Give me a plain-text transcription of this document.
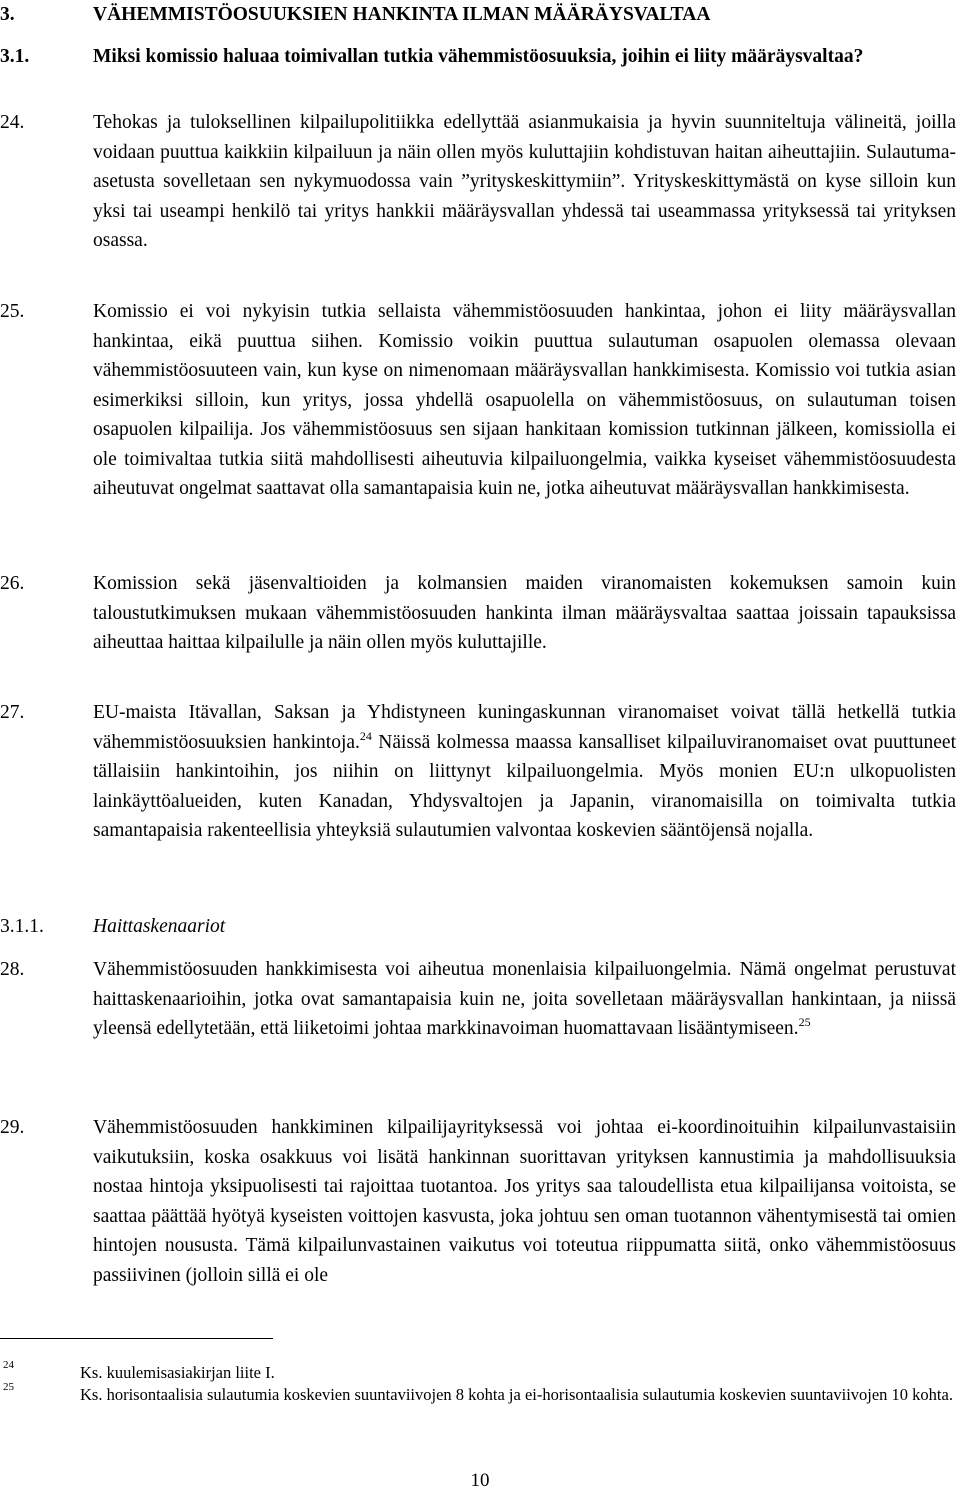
3.	VÄHEMMISTÖOSUUKSIEN HANKINTA ILMAN MÄÄRÄYSVALTAA
3.1.	Miksi komissio haluaa toimivallan tutkia vähemmistöosuuksia, joihin ei liity määräysvaltaa?
24.	Tehokas ja tuloksellinen kilpailupolitiikka edellyttää asianmukaisia ja hyvin suunniteltuja välineitä, joilla voidaan puuttua kaikkiin kilpailuun ja näin ollen myös kuluttajiin kohdistuvan haitan aiheuttajiin. Sulautuma-asetusta sovelletaan sen nykymuodossa vain ”yrityskeskittymiin”. Yrityskeskittymästä on kyse silloin kun yksi tai useampi henkilö tai yritys hankkii määräysvallan yhdessä tai useammassa yrityksessä tai yrityksen osassa.
25.	Komissio ei voi nykyisin tutkia sellaista vähemmistöosuuden hankintaa, johon ei liity määräysvallan hankintaa, eikä puuttua siihen. Komissio voikin puuttua sulautuman osapuolen olemassa olevaan vähemmistöosuuteen vain, kun kyse on nimenomaan määräysvallan hankkimisesta. Komissio voi tutkia asian esimerkiksi silloin, kun yritys, jossa yhdellä osapuolella on vähemmistöosuus, on sulautuman toisen osapuolen kilpailija. Jos vähemmistöosuus sen sijaan hankitaan komission tutkinnan jälkeen, komissiolla ei ole toimivaltaa tutkia siitä mahdollisesti aiheutuvia kilpailuongelmia, vaikka kyseiset vähemmistöosuudesta aiheutuvat ongelmat saattavat olla samantapaisia kuin ne, jotka aiheutuvat määräysvallan hankkimisesta.
26.	Komission sekä jäsenvaltioiden ja kolmansien maiden viranomaisten kokemuksen samoin kuin taloustutkimuksen mukaan vähemmistöosuuden hankinta ilman määräysvaltaa saattaa joissain tapauksissa aiheuttaa haittaa kilpailulle ja näin ollen myös kuluttajille.
27.	EU-maista Itävallan, Saksan ja Yhdistyneen kuningaskunnan viranomaiset voivat tällä hetkellä tutkia vähemmistöosuuksien hankintoja.$^{24}$ Näissä kolmessa maassa kansalliset kilpailuviranomaiset ovat puuttuneet tällaisiin hankintoihin, jos niihin on liittynyt kilpailuongelmia. Myös monien EU:n ulkopuolisten lainkäyttöalueiden, kuten Kanadan, Yhdysvaltojen ja Japanin, viranomaisilla on toimivalta tutkia samantapaisia rakenteellisia yhteyksiä sulautumien valvontaa koskevien sääntöjensä nojalla.
3.1.1.	Haittaskenaariot
28.	Vähemmistöosuuden hankkimisesta voi aiheutua monenlaisia kilpailuongelmia. Nämä ongelmat perustuvat haittaskenaarioihin, jotka ovat samantapaisia kuin ne, joita sovelletaan määräysvallan hankintaan, ja niissä yleensä edellytetään, että liiketoimi johtaa markkinavoiman huomattavaan lisääntymiseen.$^{25}$
29.	Vähemmistöosuuden hankkiminen kilpailijayrityksessä voi johtaa ei-koordinoituihin kilpailunvastaisiin vaikutuksiin, koska osakkuus voi lisätä hankinnan suorittavan yrityksen kannustimia ja mahdollisuuksia nostaa hintoja yksipuolisesti tai rajoittaa tuotantoa. Jos yritys saa taloudellista etua kilpailijansa voitoista, se saattaa päättää hyötyä kyseisten voittojen kasvusta, joka johtuu sen oman tuotannon vähentymisestä tai omien hintojen noususta. Tämä kilpailunvastainen vaikutus voi toteutua riippumatta siitä, onko vähemmistöosuus passiivinen (jolloin sillä ei ole
24	Ks. kuulemisasiakirjan liite I.
25	Ks. horisontaalisia sulautumia koskevien suuntaviivojen 8 kohta ja ei-horisontaalisia sulautumia koskevien suuntaviivojen 10 kohta.
10
